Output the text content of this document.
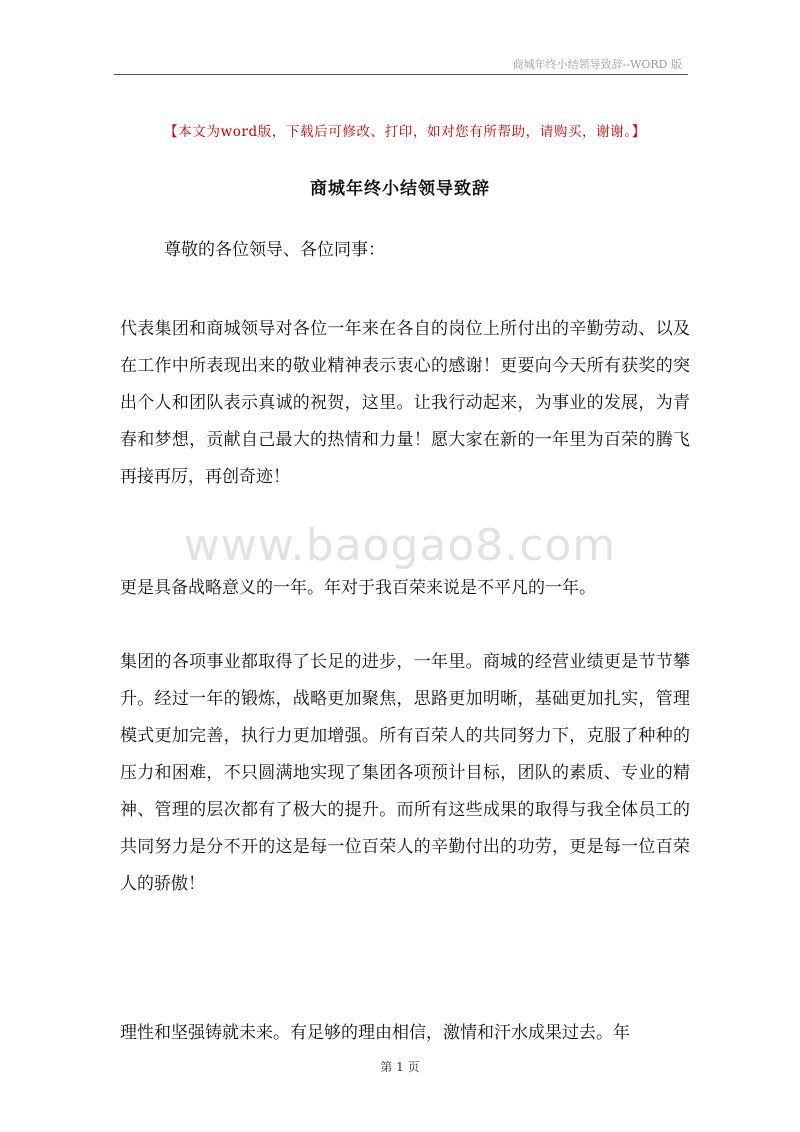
商城年终小结领导致辞--WORD 版
【本文为word版，下载后可修改、打印，如对您有所帮助，请购买，谢谢。】
商城年终小结领导致辞

尊敬的各位领导、各位同事：

www.baogao8.com

代表集团和商城领导对各位一年来在各自的岗位上所付出的辛勤劳动、以及在工作中所表现出来的敬业精神表示衷心的感谢！更要向今天所有获奖的突出个人和团队表示真诚的祝贺，这里。让我行动起来，为事业的发展，为青春和梦想，贡献自己最大的热情和力量！愿大家在新的一年里为百荣的腾飞再接再厉，再创奇迹！

更是具备战略意义的一年。年对于我百荣来说是不平凡的一年。

集团的各项事业都取得了长足的进步，一年里。商城的经营业绩更是节节攀升。经过一年的锻炼，战略更加聚焦，思路更加明晰，基础更加扎实，管理模式更加完善，执行力更加增强。所有百荣人的共同努力下，克服了种种的压力和困难，不只圆满地实现了集团各项预计目标，团队的素质、专业的精神、管理的层次都有了极大的提升。而所有这些成果的取得与我全体员工的共同努力是分不开的这是每一位百荣人的辛勤付出的功劳，更是每一位百荣人的骄傲！

理性和坚强铸就未来。有足够的理由相信，激情和汗水成果过去。年

第 1 页
